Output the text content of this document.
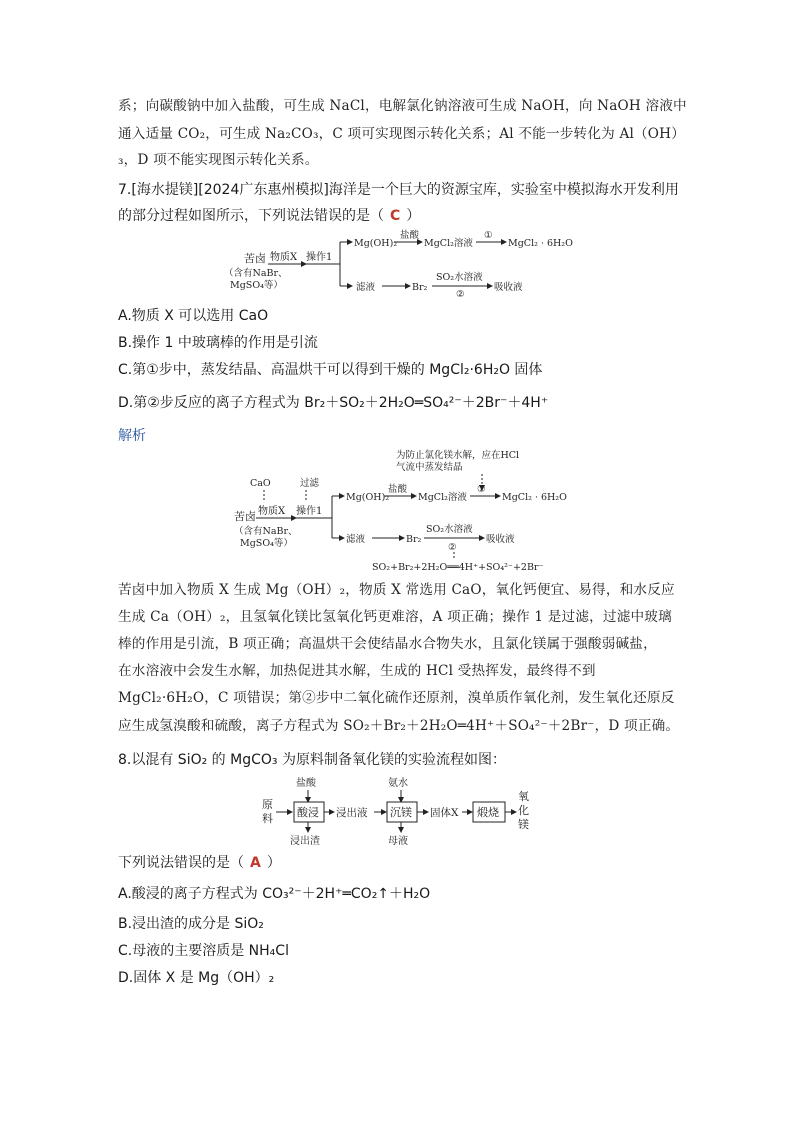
系；向碳酸钠中加入盐酸，可生成 NaCl，电解氯化钠溶液可生成 NaOH，向 NaOH 溶液中
通入适量 CO₂，可生成 Na₂CO₃，C 项可实现图示转化关系；Al 不能一步转化为 Al（OH）
₃，D 项不能实现图示转化关系。
7.[海水提镁][2024广东惠州模拟]海洋是一个巨大的资源宝库，实验室中模拟海水开发利用
的部分过程如图所示，下列说法错误的是（ C ）
苦卤
（含有NaBr、
MgSO₄等）
物质X 操作1
Mg(OH)₂
盐酸
MgCl₂溶液
①
MgCl₂ · 6H₂O
滤液	Br₂
SO₂水溶液
②
吸收液
A.物质 X 可以选用 CaO
B.操作 1 中玻璃棒的作用是引流
C.第①步中，蒸发结晶、高温烘干可以得到干燥的 MgCl₂·6H₂O 固体
D.第②步反应的离子方程式为 Br₂＋SO₂＋2H₂O═SO₄²⁻＋2Br⁻＋4H⁺
解析
为防止氯化镁水解，应在HCl
气流中蒸发结晶
CaO	过滤
苦卤
（含有NaBr、
MgSO₄等）
物质X 操作1
Mg(OH)₂
盐酸
MgCl₂溶液
①
MgCl₂ · 6H₂O
滤液	Br₂
SO₂水溶液
②
吸收液
SO₂+Br₂+2H₂O══4H⁺+SO₄²⁻+2Br⁻
苦卤中加入物质 X 生成 Mg（OH）₂，物质 X 常选用 CaO，氧化钙便宜、易得，和水反应
生成 Ca（OH）₂，且氢氧化镁比氢氧化钙更难溶，A 项正确；操作 1 是过滤，过滤中玻璃
棒的作用是引流，B 项正确；高温烘干会使结晶水合物失水，且氯化镁属于强酸弱碱盐，
在水溶液中会发生水解，加热促进其水解，生成的 HCl 受热挥发，最终得不到
MgCl₂·6H₂O，C 项错误；第②步中二氧化硫作还原剂，溴单质作氧化剂，发生氧化还原反
应生成氢溴酸和硫酸，离子方程式为 SO₂＋Br₂＋2H₂O═4H⁺＋SO₄²⁻＋2Br⁻，D 项正确。
8.以混有 SiO₂ 的 MgCO₃ 为原料制备氧化镁的实验流程如图：
原
料
盐酸
酸浸
浸出渣
浸出液
氨水
沉镁
母液
固体X 煅烧
氧
化
镁
下列说法错误的是（ A ）
A.酸浸的离子方程式为 CO₃²⁻＋2H⁺═CO₂↑＋H₂O
B.浸出渣的成分是 SiO₂
C.母液的主要溶质是 NH₄Cl
D.固体 X 是 Mg（OH）₂
